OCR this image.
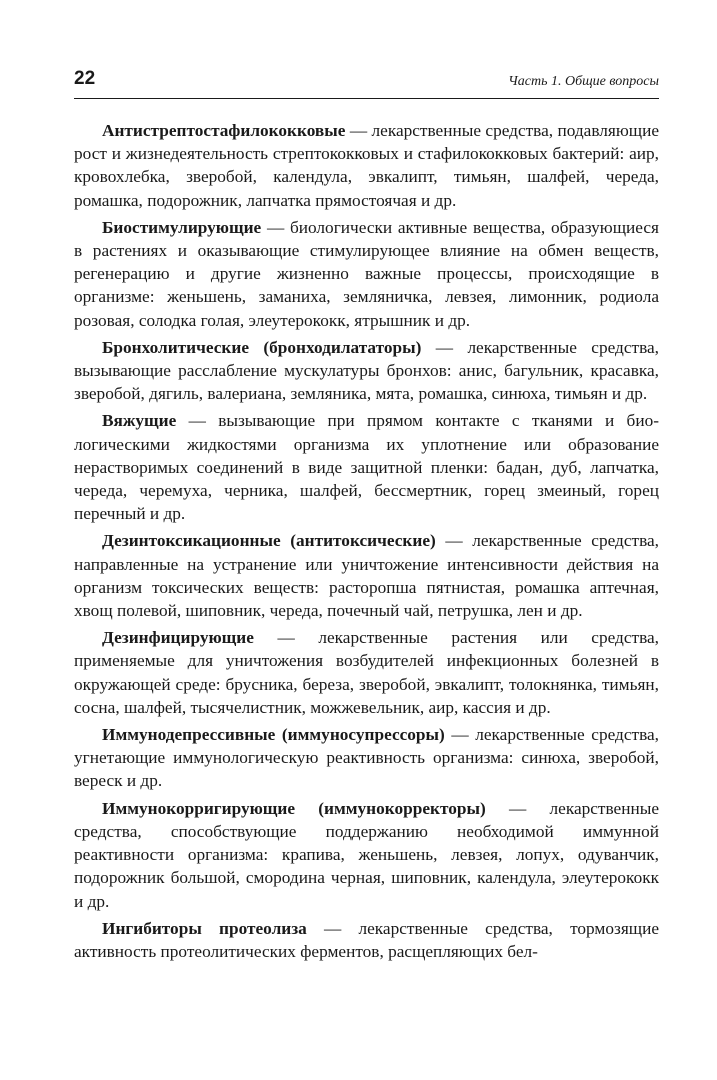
22	Часть 1. Общие вопросы

Антистрептостафилококковые — лекарственные средства, подавляющие рост и жизнедеятельность стрептококковых и стафилококковых бактерий: аир, кровохлебка, зверобой, календула, эвкалипт, тимьян, шалфей, череда, ромашка, подорожник, лапчатка прямостоячая и др.

Биостимулирующие — биологически активные вещества, образующиеся в растениях и оказывающие стимулирующее влияние на обмен веществ, регенерацию и другие жизненно важные процессы, происходящие в организме: женьшень, заманиха, земляничка, левзея, лимонник, родиола розовая, солодка голая, элеутерококк, ятрышник и др.

Бронхолитические (бронходилататоры) — лекарственные средства, вызывающие расслабление мускулатуры бронхов: анис, багульник, красавка, зверобой, дягиль, валериана, земляника, мята, ромашка, синюха, тимьян и др.

Вяжущие — вызывающие при прямом контакте с тканями и биологическими жидкостями организма их уплотнение или образование нерастворимых соединений в виде защитной пленки: бадан, дуб, лапчатка, череда, черемуха, черника, шалфей, бессмертник, горец змеиный, горец перечный и др.

Дезинтоксикационные (антитоксические) — лекарственные средства, направленные на устранение или уничтожение интенсивности действия на организм токсических веществ: расторопша пятнистая, ромашка аптечная, хвощ полевой, шиповник, череда, почечный чай, петрушка, лен и др.

Дезинфицирующие — лекарственные растения или средства, применяемые для уничтожения возбудителей инфекционных болезней в окружающей среде: брусника, береза, зверобой, эвкалипт, толокнянка, тимьян, сосна, шалфей, тысячелистник, можжевельник, аир, кассия и др.

Иммунодепрессивные (иммуносупрессоры) — лекарственные средства, угнетающие иммунологическую реактивность организма: синюха, зверобой, вереск и др.

Иммунокорригирующие (иммунокорректоры) — лекарственные средства, способствующие поддержанию необходимой иммунной реактивности организма: крапива, женьшень, левзея, лопух, одуванчик, подорожник большой, смородина черная, шиповник, календула, элеутерококк и др.

Ингибиторы протеолиза — лекарственные средства, тормозящие активность протеолитических ферментов, расщепляющих бел-
